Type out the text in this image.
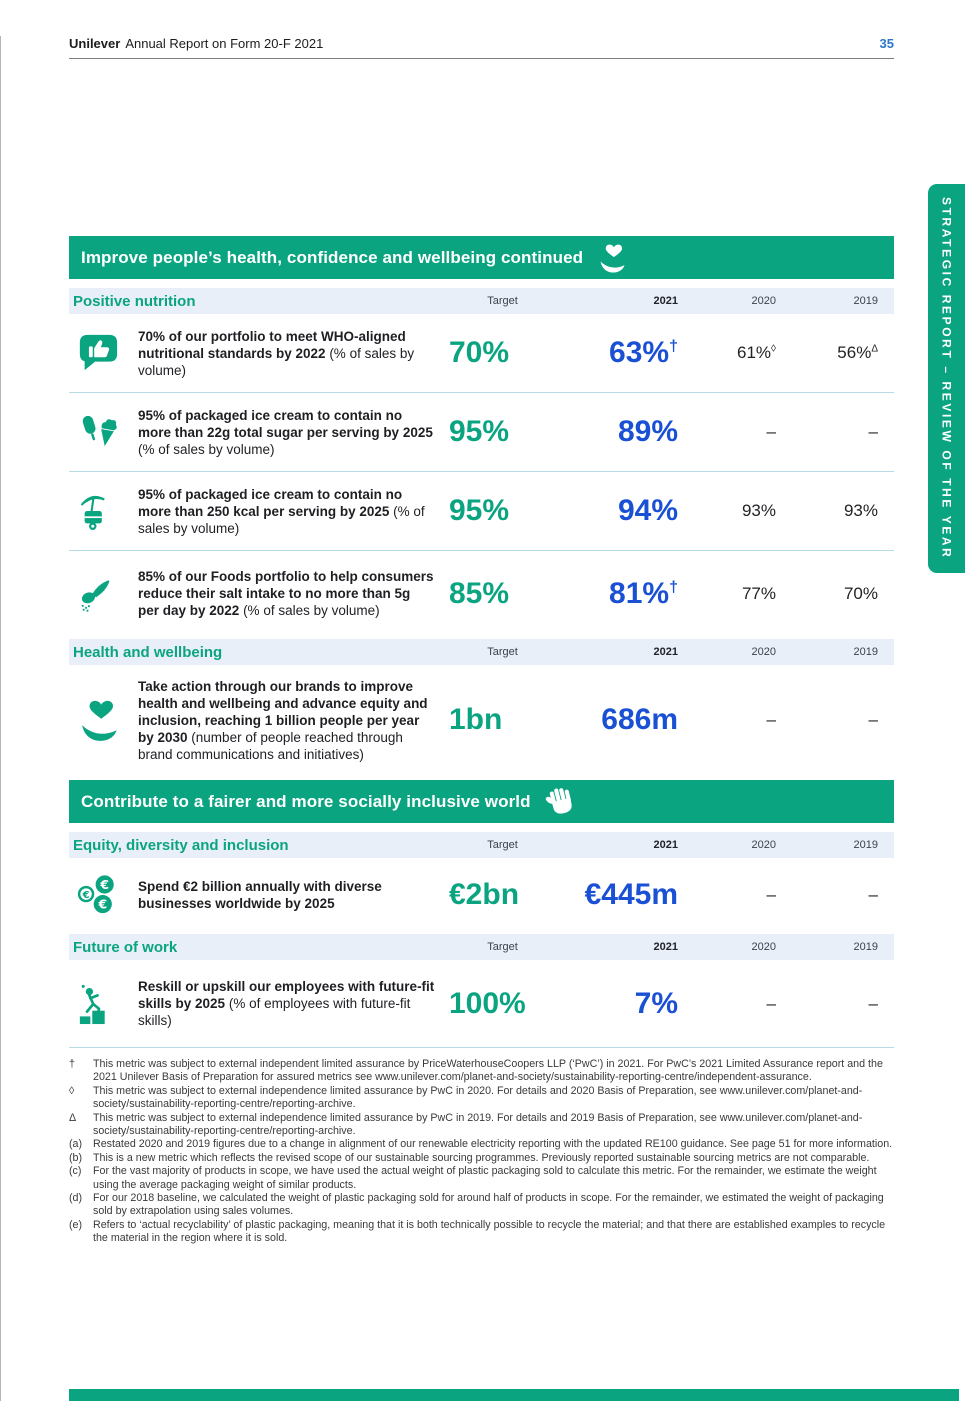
STRATEGIC REPORT – REVIEW OF THE YEAR
Unilever Annual Report on Form 20-F 2021	35
Improve people’s health, confidence and wellbeing continued
Positive nutrition	Target	2021	2020	2019
70% of our portfolio to meet WHO-aligned nutritional standards by 2022 (% of sales by volume)
70%	63%†	61%◊	56%$^\Delta$
95% of packaged ice cream to contain no more than 22g total sugar per serving by 2025 (% of sales by volume)
95%	89%	–	–
95% of packaged ice cream to contain no more than 250 kcal per serving by 2025 (% of sales by volume)
95%	94%	93%	93%
85% of our Foods portfolio to help consumers reduce their salt intake to no more than 5g per day by 2022 (% of sales by volume)
85%	81%†	77%	70%
Health and wellbeing	Target	2021	2020	2019
Take action through our brands to improve health and wellbeing and advance equity and inclusion, reaching 1 billion people per year by 2030 (number of people reached through brand communications and initiatives)
1bn	686m	–	–
Contribute to a fairer and more socially inclusive world
Equity, diversity and inclusion	Target	2021	2020	2019
€
€
€
Spend €2 billion annually with diverse businesses worldwide by 2025	€2bn	€445m	–	–
Future of work	Target	2021	2020	2019
Reskill or upskill our employees with future-fit skills by 2025 (% of employees with future-fit skills)
100%	7%	–	–
†	This metric was subject to external independent limited assurance by PriceWaterhouseCoopers LLP (‘PwC’) in 2021. For PwC’s 2021 Limited Assurance report and the 2021 Unilever Basis of Preparation for assured metrics see www.unilever.com/planet-and-society/sustainability-reporting-centre/independent-assurance.
◊	This metric was subject to external independence limited assurance by PwC in 2020. For details and 2020 Basis of Preparation, see www.unilever.com/planet-and-society/sustainability-reporting-centre/reporting-archive.
Δ	This metric was subject to external independence limited assurance by PwC in 2019. For details and 2019 Basis of Preparation, see www.unilever.com/planet-and-society/sustainability-reporting-centre/reporting-archive.
(a)	Restated 2020 and 2019 figures due to a change in alignment of our renewable electricity reporting with the updated RE100 guidance. See page 51 for more information.
(b)	This is a new metric which reflects the revised scope of our sustainable sourcing programmes. Previously reported sustainable sourcing metrics are not comparable.
(c)	For the vast majority of products in scope, we have used the actual weight of plastic packaging sold to calculate this metric. For the remainder, we estimate the weight using the average packaging weight of similar products.
(d)	For our 2018 baseline, we calculated the weight of plastic packaging sold for around half of products in scope. For the remainder, we estimated the weight of packaging sold by extrapolation using sales volumes.
(e)	Refers to ‘actual recyclability’ of plastic packaging, meaning that it is both technically possible to recycle the material; and that there are established examples to recycle the material in the region where it is sold.
